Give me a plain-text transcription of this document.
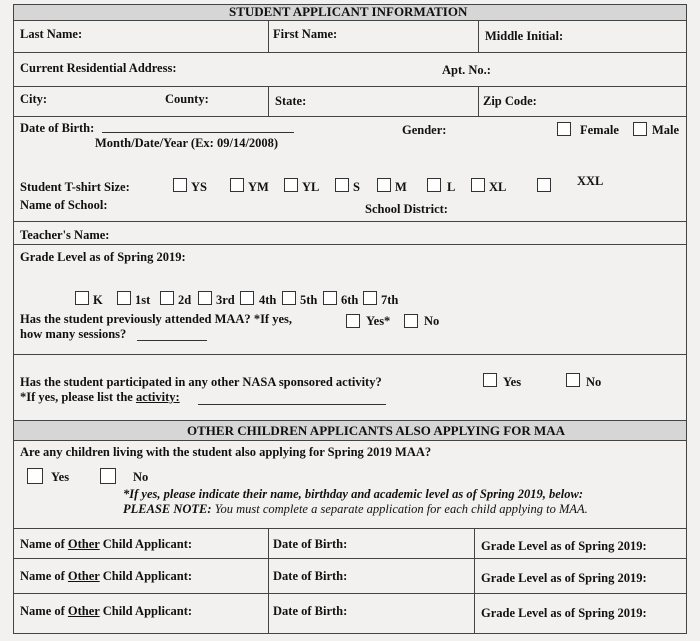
STUDENT APPLICANT INFORMATION
Last Name:	First Name:	Middle Initial:
Current Residential Address:	Apt. No.:
City:	County:	State:	Zip Code:
Date of Birth:
Month/Date/Year (Ex: 09/14/2008)
Gender:	Female	Male
Student T-shirt Size:	YS	YM	YL	S	M	L	XL	XXL
Name of School:	School District:
Teacher's Name:
Grade Level as of Spring 2019:
K	1st 2d 3rd 4th 5th 6th 7th
Has the student previously attended MAA? *If yes,
how many sessions?
Yes*	No
Has the student participated in any other NASA sponsored activity?
*If yes, please list the activity:
Yes	No
OTHER CHILDREN APPLICANTS ALSO APPLYING FOR MAA
Are any children living with the student also applying for Spring 2019 MAA?
Yes	No
*If yes, please indicate their name, birthday and academic level as of Spring 2019, below:
PLEASE NOTE: You must complete a separate application for each child applying to MAA.
Name of Other Child Applicant:	Date of Birth:	Grade Level as of Spring 2019:
Name of Other Child Applicant:	Date of Birth:	Grade Level as of Spring 2019:
Name of Other Child Applicant:	Date of Birth:	Grade Level as of Spring 2019:
